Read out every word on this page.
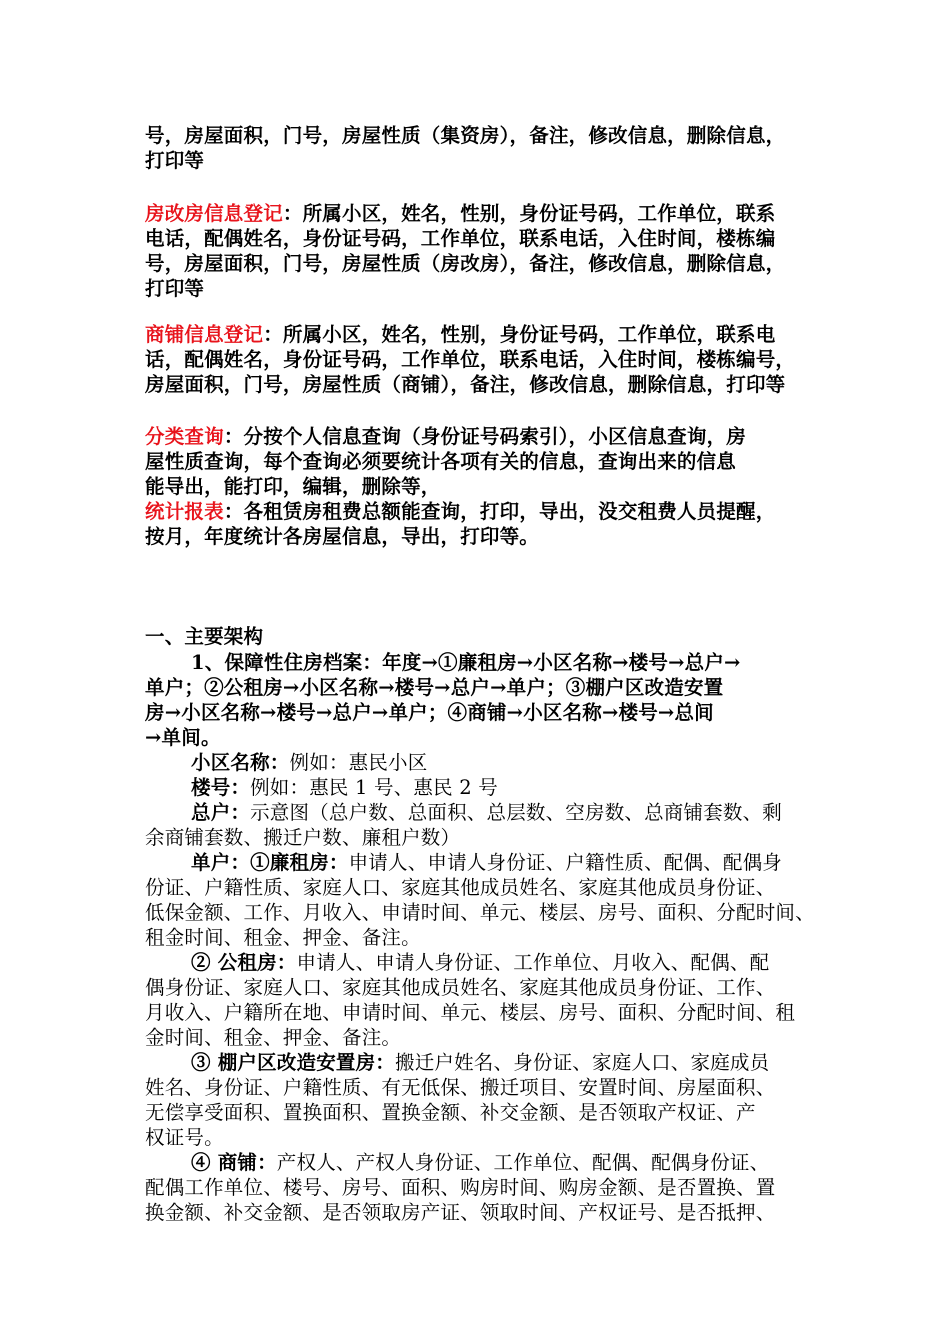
号，房屋面积，门号，房屋性质（集资房），备注，修改信息，删除信息，
打印等
房改房信息登记：所属小区，姓名，性别，身份证号码，工作单位，联系
电话，配偶姓名，身份证号码，工作单位，联系电话，入住时间，楼栋编
号，房屋面积，门号，房屋性质（房改房），备注，修改信息，删除信息，
打印等
商铺信息登记：所属小区，姓名，性别，身份证号码，工作单位，联系电
话，配偶姓名，身份证号码，工作单位，联系电话，入住时间，楼栋编号，
房屋面积，门号，房屋性质（商铺），备注，修改信息，删除信息，打印等
分类查询：分按个人信息查询（身份证号码索引），小区信息查询，房
屋性质查询，每个查询必须要统计各项有关的信息，查询出来的信息
能导出，能打印，编辑，删除等，
统计报表：各租赁房租费总额能查询，打印，导出，没交租费人员提醒，
按月，年度统计各房屋信息，导出，打印等。
一、主要架构
1、保障性住房档案：年度→①廉租房→小区名称→楼号→总户→
单户；②公租房→小区名称→楼号→总户→单户；③棚户区改造安置
房→小区名称→楼号→总户→单户；④商铺→小区名称→楼号→总间
→单间。
小区名称：例如：惠民小区
楼号：例如：惠民 1 号、惠民 2 号
总户：示意图（总户数、总面积、总层数、空房数、总商铺套数、剩
余商铺套数、搬迁户数、廉租户数）
单户：①廉租房：申请人、申请人身份证、户籍性质、配偶、配偶身
份证、户籍性质、家庭人口、家庭其他成员姓名、家庭其他成员身份证、
低保金额、工作、月收入、申请时间、单元、楼层、房号、面积、分配时间、
租金时间、租金、押金、备注。
② 公租房：申请人、申请人身份证、工作单位、月收入、配偶、配
偶身份证、家庭人口、家庭其他成员姓名、家庭其他成员身份证、工作、
月收入、户籍所在地、申请时间、单元、楼层、房号、面积、分配时间、租
金时间、租金、押金、备注。
③ 棚户区改造安置房：搬迁户姓名、身份证、家庭人口、家庭成员
姓名、身份证、户籍性质、有无低保、搬迁项目、安置时间、房屋面积、
无偿享受面积、置换面积、置换金额、补交金额、是否领取产权证、产
权证号。
④ 商铺：产权人、产权人身份证、工作单位、配偶、配偶身份证、
配偶工作单位、楼号、房号、面积、购房时间、购房金额、是否置换、置
换金额、补交金额、是否领取房产证、领取时间、产权证号、是否抵押、
